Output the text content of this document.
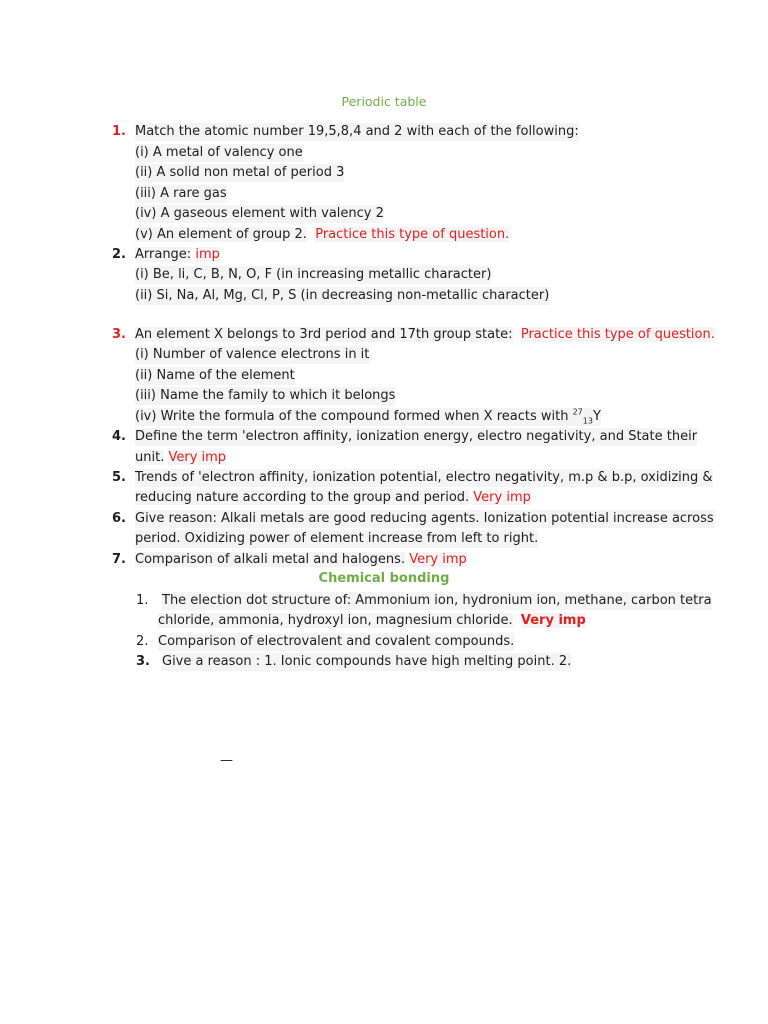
Periodic table
1. Match the atomic number 19,5,8,4 and 2 with each of the following:
(i) A metal of valency one
(ii) A solid non metal of period 3
(iii) A rare gas
(iv) A gaseous element with valency 2
(v) An element of group 2. Practice this type of question.
2. Arrange: imp
(i) Be, li, C, B, N, O, F (in increasing metallic character)
(ii) Si, Na, Al, Mg, Cl, P, S (in decreasing non-metallic character)
3. An element X belongs to 3rd period and 17th group state: Practice this type of question.
(i) Number of valence electrons in it
(ii) Name of the element
(iii) Name the family to which it belongs
(iv) Write the formula of the compound formed when X reacts with $^{27}_{13}$Y
4. Define the term 'electron affinity, ionization energy, electro negativity, and State their
unit. Very imp
5. Trends of 'electron affinity, ionization potential, electro negativity, m.p & b.p, oxidizing &
reducing nature according to the group and period. Very imp
6. Give reason: Alkali metals are good reducing agents. Ionization potential increase across
period. Oxidizing power of element increase from left to right.
7. Comparison of alkali metal and halogens. Very imp
Chemical bonding
1. The election dot structure of: Ammonium ion, hydronium ion, methane, carbon tetra
chloride, ammonia, hydroxyl ion, magnesium chloride. Very imp
2. Comparison of electrovalent and covalent compounds.
3. Give a reason : 1. Ionic compounds have high melting point. 2.
—
